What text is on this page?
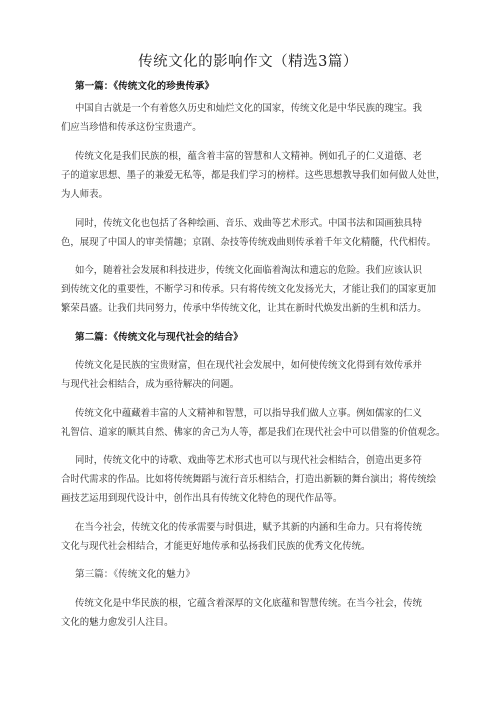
传统文化的影响作文（精选3篇）
第一篇：《传统文化的珍贵传承》
中国自古就是一个有着悠久历史和灿烂文化的国家，传统文化是中华民族的瑰宝。我
们应当珍惜和传承这份宝贵遗产。
传统文化是我们民族的根，蕴含着丰富的智慧和人文精神。例如孔子的仁义道德、老
子的道家思想、墨子的兼爱无私等，都是我们学习的榜样。这些思想教导我们如何做人处世，
为人师表。
同时，传统文化也包括了各种绘画、音乐、戏曲等艺术形式。中国书法和国画独具特
色，展现了中国人的审美情趣；京剧、杂技等传统戏曲则传承着千年文化精髓，代代相传。
如今，随着社会发展和科技进步，传统文化面临着淘汰和遗忘的危险。我们应该认识
到传统文化的重要性，不断学习和传承。只有将传统文化发扬光大，才能让我们的国家更加
繁荣昌盛。让我们共同努力，传承中华传统文化，让其在新时代焕发出新的生机和活力。
第二篇：《传统文化与现代社会的结合》
传统文化是民族的宝贵财富，但在现代社会发展中，如何使传统文化得到有效传承并
与现代社会相结合，成为亟待解决的问题。
传统文化中蕴藏着丰富的人文精神和智慧，可以指导我们做人立事。例如儒家的仁义
礼智信、道家的顺其自然、佛家的舍己为人等，都是我们在现代社会中可以借鉴的价值观念。
同时，传统文化中的诗歌、戏曲等艺术形式也可以与现代社会相结合，创造出更多符
合时代需求的作品。比如将传统舞蹈与流行音乐相结合，打造出新颖的舞台演出；将传统绘
画技艺运用到现代设计中，创作出具有传统文化特色的现代作品等。
在当今社会，传统文化的传承需要与时俱进，赋予其新的内涵和生命力。只有将传统
文化与现代社会相结合，才能更好地传承和弘扬我们民族的优秀文化传统。
第三篇：《传统文化的魅力》
传统文化是中华民族的根，它蕴含着深厚的文化底蕴和智慧传统。在当今社会，传统
文化的魅力愈发引人注目。
